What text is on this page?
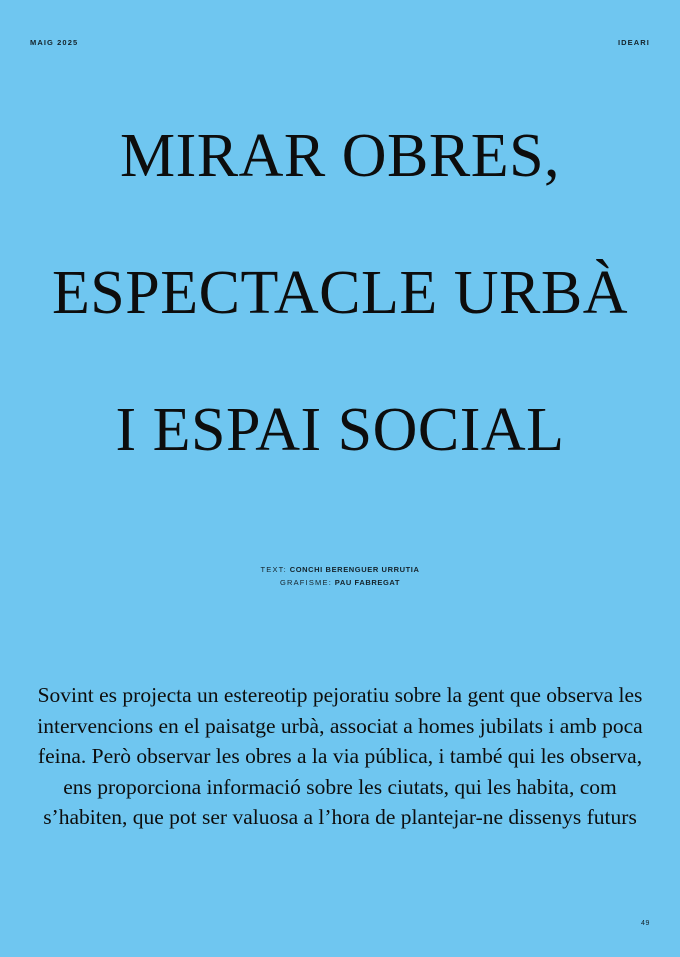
MAIG 2025	IDEARI
MIRAR OBRES,
ESPECTACLE URBÀ
I ESPAI SOCIAL
TEXT: CONCHI BERENGUER URRUTIA
GRAFISME: PAU FABREGAT
Sovint es projecta un estereotip pejoratiu sobre la gent que observa les intervencions en el paisatge urbà, associat a homes jubilats i amb poca feina. Però observar les obres a la via pública, i també qui les observa, ens proporciona informació sobre les ciutats, qui les habita, com s’habiten, que pot ser valuosa a l’hora de plantejar-ne dissenys futurs
49
